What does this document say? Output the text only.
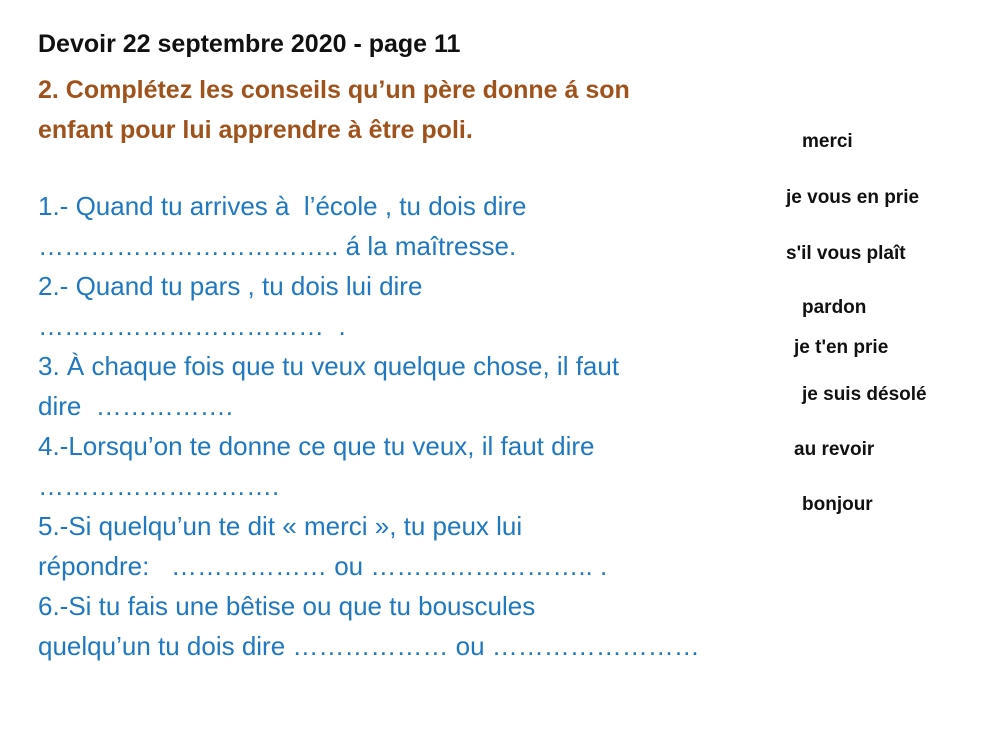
Devoir 22 septembre 2020 - page 11
2. Complétez les conseils qu’un père donne á son
enfant pour lui apprendre à être poli.
1.- Quand tu arrives à  l’école , tu dois dire
…………………………….. á la maîtresse.
2.- Quand tu pars , tu dois lui dire
……………………………  .
3. À chaque fois que tu veux quelque chose, il faut
dire  …………….
4.-Lorsqu’on te donne ce que tu veux, il faut dire
……………………….
5.-Si quelqu’un te dit « merci », tu peux lui
répondre:   ……………… ou …………………….. .
6.-Si tu fais une bêtise ou que tu bouscules
quelqu’un tu dois dire ……………… ou ……………………
merci
je vous en prie
s'il vous plaît
pardon
je t'en prie
je suis désolé
au revoir
bonjour
